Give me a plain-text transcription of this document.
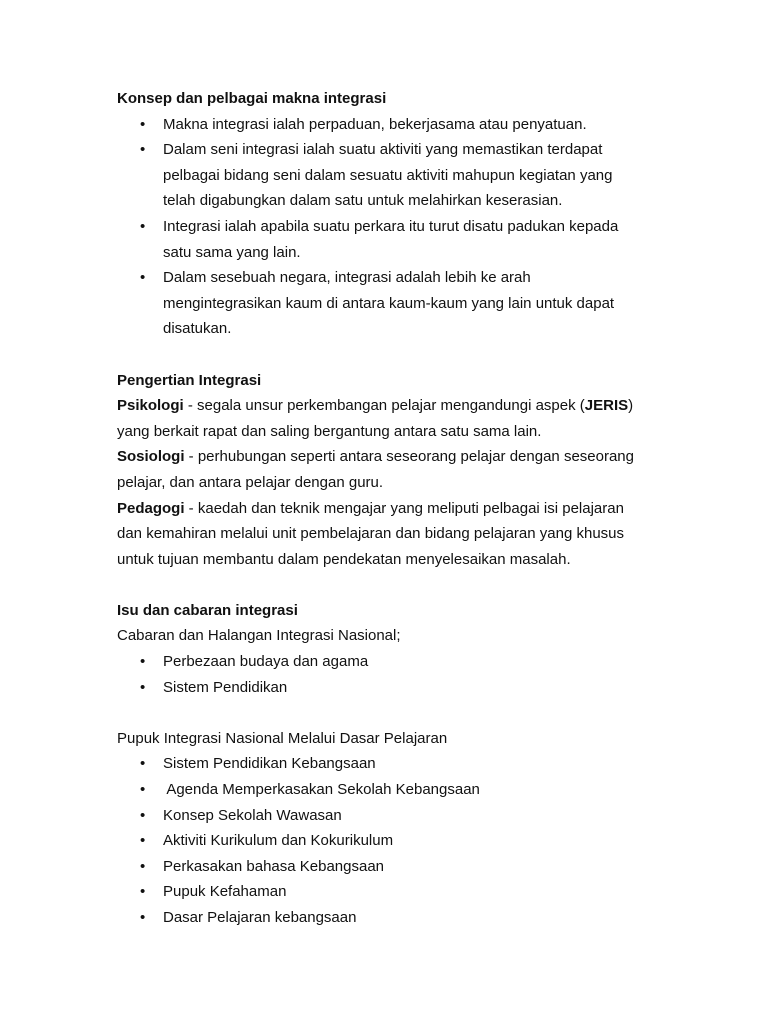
Konsep dan pelbagai makna integrasi
• Makna integrasi ialah perpaduan, bekerjasama atau penyatuan.
• Dalam seni integrasi ialah suatu aktiviti yang memastikan terdapat
pelbagai bidang seni dalam sesuatu aktiviti mahupun kegiatan yang
telah digabungkan dalam satu untuk melahirkan keserasian.
• Integrasi ialah apabila suatu perkara itu turut disatu padukan kepada
satu sama yang lain.
• Dalam sesebuah negara, integrasi adalah lebih ke arah
mengintegrasikan kaum di antara kaum-kaum yang lain untuk dapat
disatukan.
Pengertian Integrasi
Psikologi - segala unsur perkembangan pelajar mengandungi aspek (JERIS)
yang berkait rapat dan saling bergantung antara satu sama lain.
Sosiologi - perhubungan seperti antara seseorang pelajar dengan seseorang
pelajar, dan antara pelajar dengan guru.
Pedagogi - kaedah dan teknik mengajar yang meliputi pelbagai isi pelajaran
dan kemahiran melalui unit pembelajaran dan bidang pelajaran yang khusus
untuk tujuan membantu dalam pendekatan menyelesaikan masalah.
Isu dan cabaran integrasi
Cabaran dan Halangan Integrasi Nasional;
• Perbezaan budaya dan agama
• Sistem Pendidikan
Pupuk Integrasi Nasional Melalui Dasar Pelajaran
• Sistem Pendidikan Kebangsaan
• Agenda Memperkasakan Sekolah Kebangsaan
• Konsep Sekolah Wawasan
• Aktiviti Kurikulum dan Kokurikulum
• Perkasakan bahasa Kebangsaan
• Pupuk Kefahaman
• Dasar Pelajaran kebangsaan
